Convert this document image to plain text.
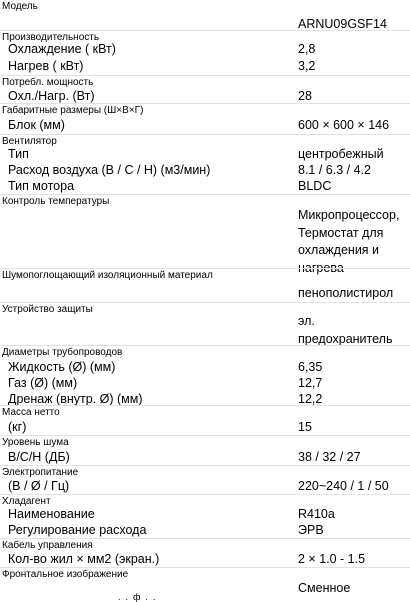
Модель
ARNU09GSF14
Производительность
Охлаждение ( кВт)	2,8
Нагрев ( кВт)	3,2
Потребл. мощность
Охл./Нагр. (Вт)	28
Габаритные размеры (Ш×В×Г)
Блок (мм)	600 × 600 × 146
Вентилятор
Тип	центробежный
Расход воздуха (В / С / Н) (м3/мин)	8.1 / 6.3 / 4.2
Тип мотора	BLDC
Контроль температуры
Микропроцессор, Термостат для охлаждения и нагрева
Шумопоглощающий изоляционный материал
пенополистирол
Устройство защиты
эл. предохранитель
Диаметры трубопроводов
Жидкость (Ø) (мм)	6,35
Газ (Ø) (мм)	12,7
Дренаж (внутр. Ø) (мм)	12,2
Масса нетто
(кг)	15
Уровень шума
В/С/Н (ДБ)	38 / 32 / 27
Электропитание
(В / Ø / Гц)	220~240 / 1 / 50
Хладагент
Наименование	R410a
Регулирование расхода	ЭРВ
Кабель управления
Кол-во жил × мм2 (экран.)	2 × 1.0 - 1.5
Фронтальное изображение
Сменное
.  .  ф  .  .
